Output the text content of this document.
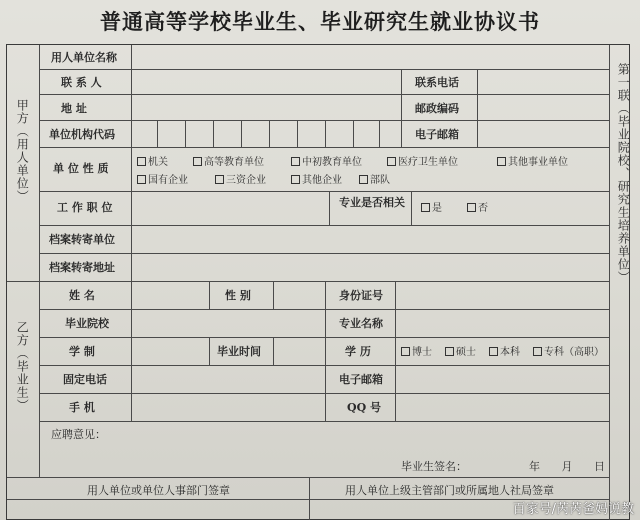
普通高等学校毕业生、毕业研究生就业协议书
甲方（用人单位）
用人单位名称
联 系 人	联系电话
地 址	邮政编码
单位机构代码	电子邮箱
单 位 性 质	机关	高等教育单位	中初教育单位	医疗卫生单位	其他事业单位
国有企业	三资企业	其他企业	部队
工 作 职 位	专业是否相关	是	否
档案转寄单位
档案转寄地址
乙方（毕业生）
姓 名	性 别	身份证号
毕业院校	专业名称
学 制	毕业时间	学 历	博士	硕士	本科	专科（高职）
固定电话	电子邮箱
手 机	QQ 号
应聘意见：
毕业生签名：	年 月 日
用人单位或单位人事部门签章	用人单位上级主管部门或所属地人社局签章
第一联（毕业院校、研究生培养单位）
百家号/芮芮爸妈说教
